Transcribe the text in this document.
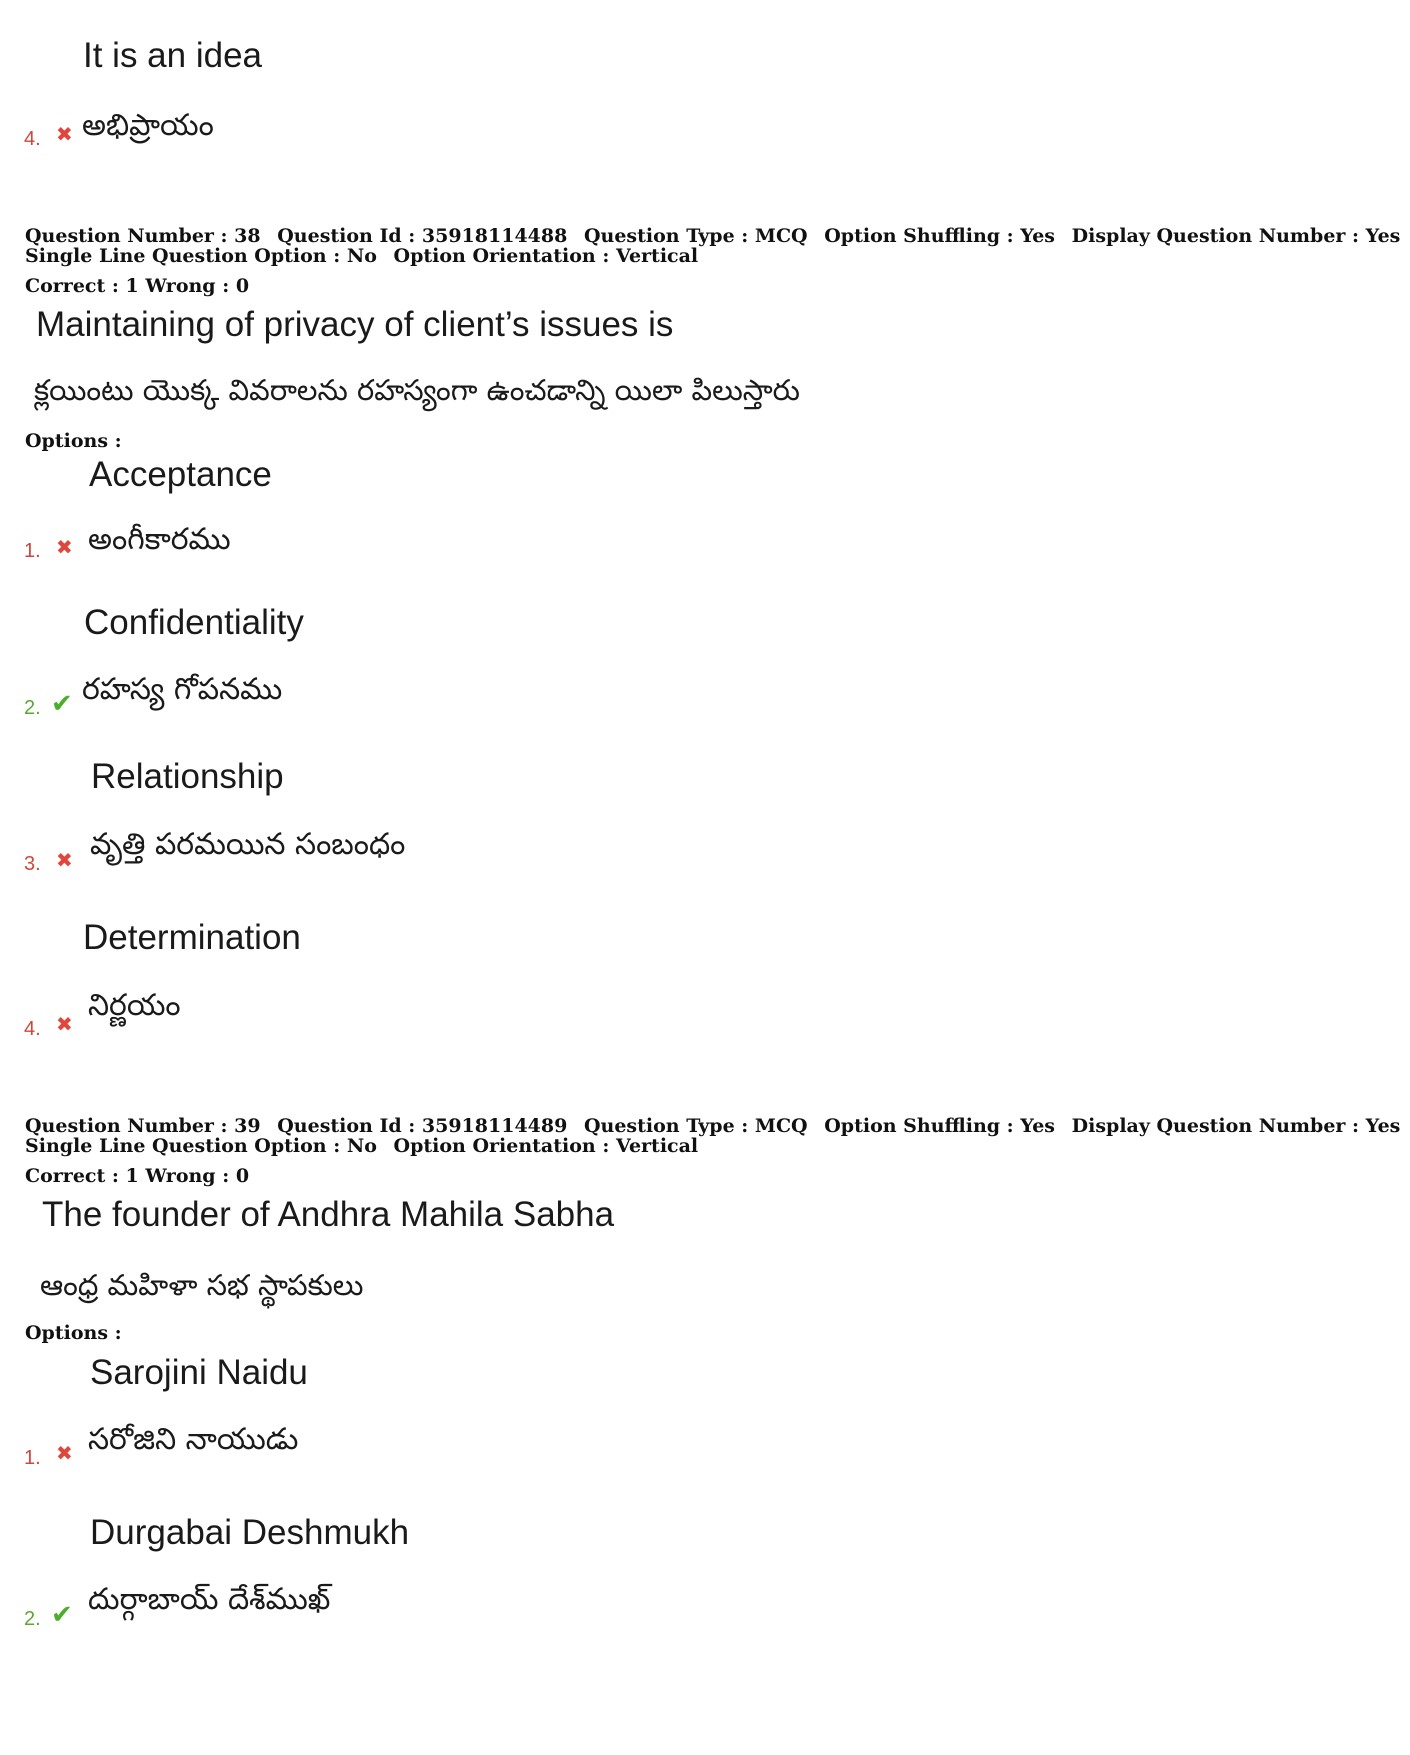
It is an idea
4. ✖ అభిప్రాయం
Question Number : 38 Question Id : 35918114488 Question Type : MCQ Option Shuffling : Yes Display Question Number : Yes
Single Line Question Option : No Option Orientation : Vertical
Correct : 1 Wrong : 0
Maintaining of privacy of client’s issues is
క్లయింటు యొక్క వివరాలను రహస్యంగా ఉంచడాన్ని యిలా పిలుస్తారు
Options :
Acceptance
1. ✖ అంగీకారము
Confidentiality
2. ✔ రహస్య గోపనము
Relationship
3. ✖ వృత్తి పరమయిన సంబంధం
Determination
4. ✖
నిర్ణయం
Question Number : 39 Question Id : 35918114489 Question Type : MCQ Option Shuffling : Yes Display Question Number : Yes
Single Line Question Option : No Option Orientation : Vertical
Correct : 1 Wrong : 0
The founder of Andhra Mahila Sabha
ఆంధ్ర మహిళా సభ స్థాపకులు
Options :
Sarojini Naidu
1. ✖ సరోజిని నాయుడు
Durgabai Deshmukh
2. ✔ దుర్గాబాయ్ దేశ్‌ముఖ్
